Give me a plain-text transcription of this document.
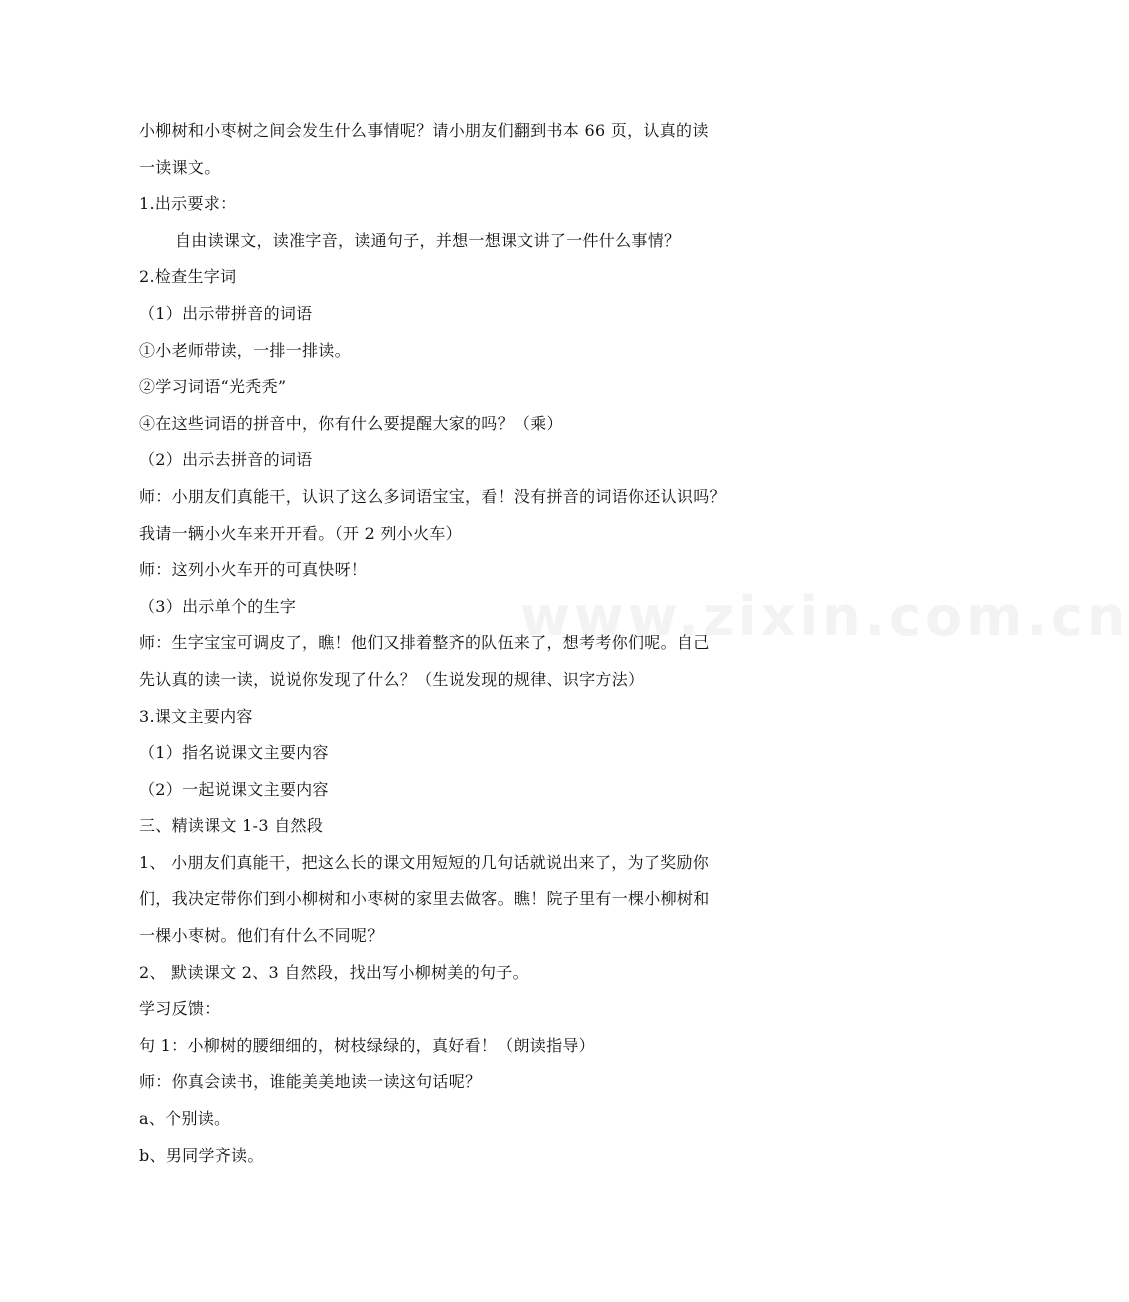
小柳树和小枣树之间会发生什么事情呢？请小朋友们翻到书本 66 页，认真的读
一读课文。
1.出示要求：
自由读课文，读准字音，读通句子，并想一想课文讲了一件什么事情？
2.检查生字词
（1）出示带拼音的词语
①小老师带读，一排一排读。
②学习词语“光秃秃”
④在这些词语的拼音中，你有什么要提醒大家的吗？（乘）
（2）出示去拼音的词语
师：小朋友们真能干，认识了这么多词语宝宝，看！没有拼音的词语你还认识吗？
我请一辆小火车来开开看。（开 2 列小火车）
师：这列小火车开的可真快呀！
（3）出示单个的生字
师：生字宝宝可调皮了，瞧！他们又排着整齐的队伍来了，想考考你们呢。自己
先认真的读一读，说说你发现了什么？（生说发现的规律、识字方法）
3.课文主要内容
（1）指名说课文主要内容
（2）一起说课文主要内容
三、精读课文 1-3 自然段
1、 小朋友们真能干，把这么长的课文用短短的几句话就说出来了，为了奖励你
们，我决定带你们到小柳树和小枣树的家里去做客。瞧！院子里有一棵小柳树和
一棵小枣树。他们有什么不同呢？
2、 默读课文 2、3 自然段，找出写小柳树美的句子。
学习反馈：
句 1：小柳树的腰细细的，树枝绿绿的，真好看！（朗读指导）
师：你真会读书，谁能美美地读一读这句话呢？
a、个别读。
b、男同学齐读。
www.zixin.com.cn
